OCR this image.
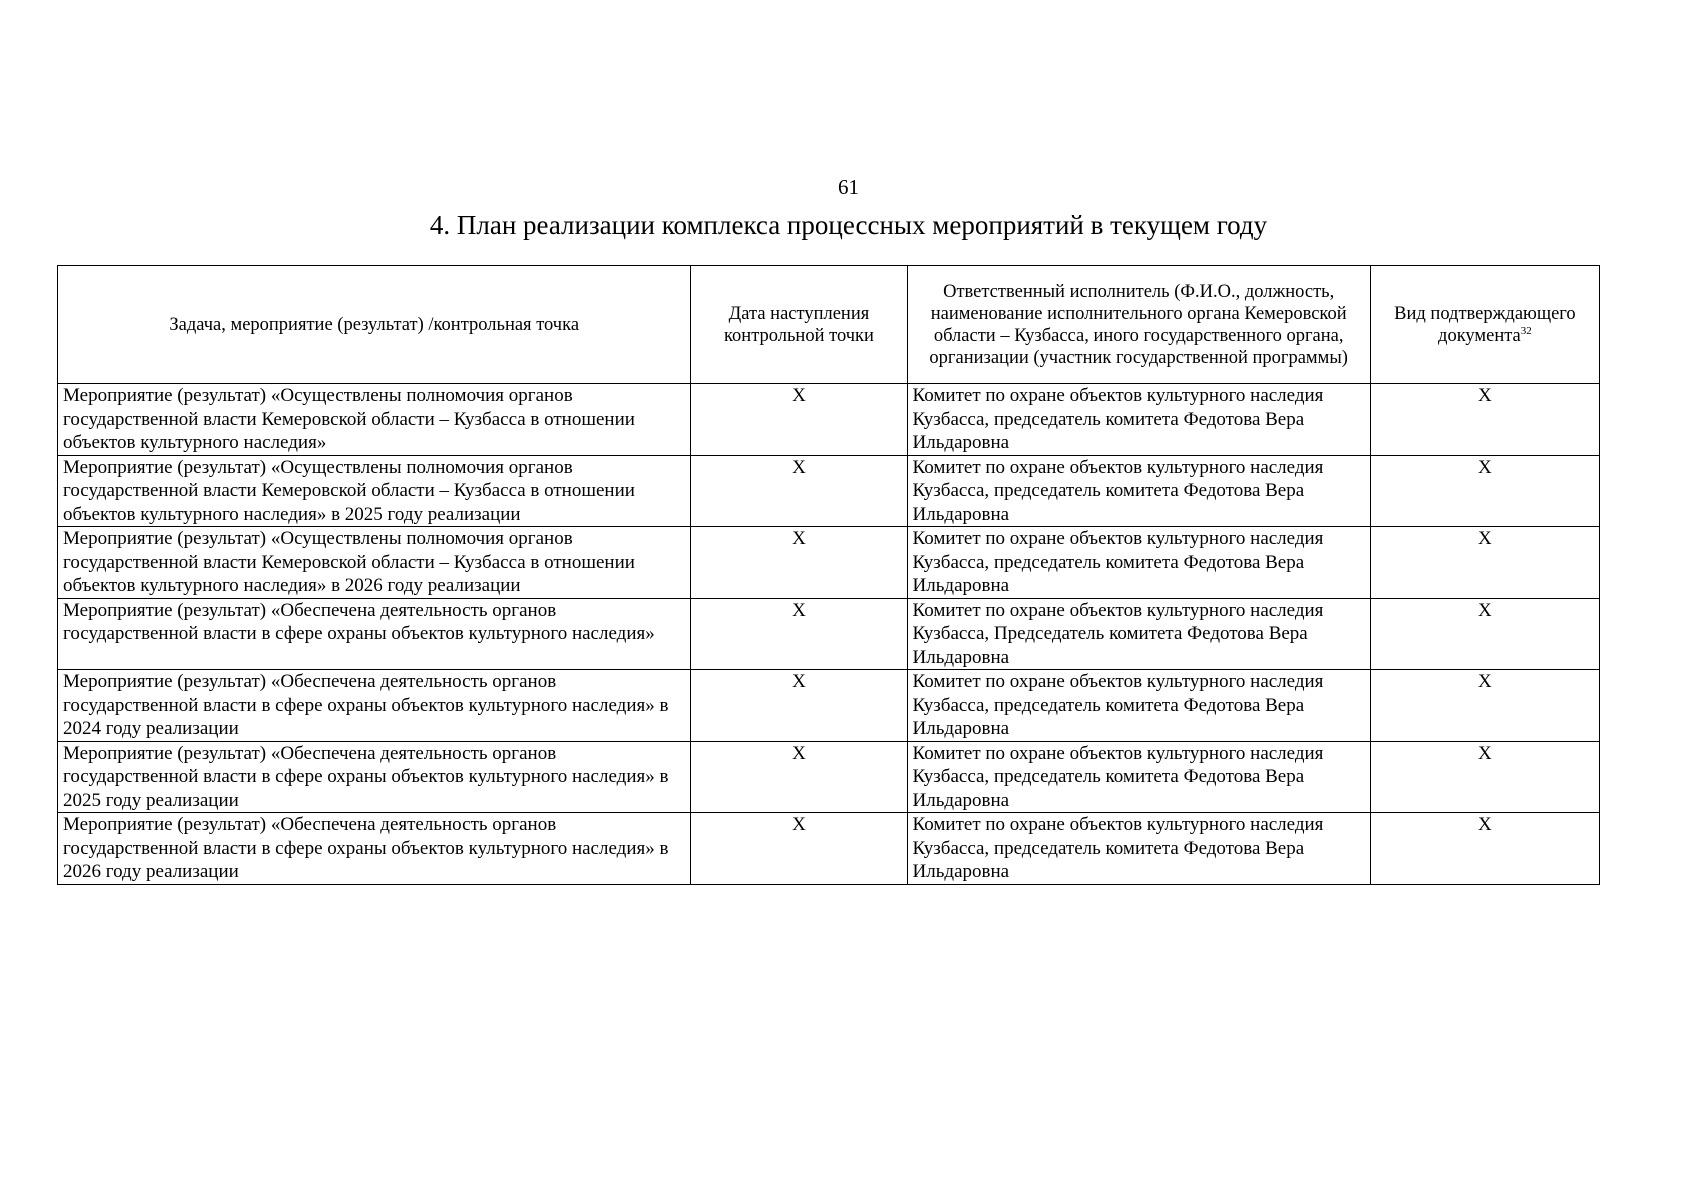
61
4. План реализации комплекса процессных мероприятий в текущем году
Задача, мероприятие (результат) /контрольная точка	Дата наступления контрольной точки	Ответственный исполнитель (Ф.И.О., должность, наименование исполнительного органа Кемеровской области – Кузбасса, иного государственного органа, организации (участник государственной программы)	Вид подтверждающего документа$^{32}$
Мероприятие (результат) «Осуществлены полномочия органов государственной власти Кемеровской области – Кузбасса в отношении объектов культурного наследия»	X	Комитет по охране объектов культурного наследия Кузбасса, председатель комитета Федотова Вера Ильдаровна	X
Мероприятие (результат) «Осуществлены полномочия органов государственной власти Кемеровской области – Кузбасса в отношении объектов культурного наследия» в 2025 году реализации	X	Комитет по охране объектов культурного наследия Кузбасса, председатель комитета Федотова Вера Ильдаровна	X
Мероприятие (результат) «Осуществлены полномочия органов государственной власти Кемеровской области – Кузбасса в отношении объектов культурного наследия» в 2026 году реализации	X	Комитет по охране объектов культурного наследия Кузбасса, председатель комитета Федотова Вера Ильдаровна	X
Мероприятие (результат) «Обеспечена деятельность органов государственной власти в сфере охраны объектов культурного наследия»	X	Комитет по охране объектов культурного наследия Кузбасса, Председатель комитета Федотова Вера Ильдаровна	X
Мероприятие (результат) «Обеспечена деятельность органов государственной власти в сфере охраны объектов культурного наследия» в 2024 году реализации	X	Комитет по охране объектов культурного наследия Кузбасса, председатель комитета Федотова Вера Ильдаровна	X
Мероприятие (результат) «Обеспечена деятельность органов государственной власти в сфере охраны объектов культурного наследия» в 2025 году реализации	X	Комитет по охране объектов культурного наследия Кузбасса, председатель комитета Федотова Вера Ильдаровна	X
Мероприятие (результат) «Обеспечена деятельность органов государственной власти в сфере охраны объектов культурного наследия» в 2026 году реализации	X	Комитет по охране объектов культурного наследия Кузбасса, председатель комитета Федотова Вера Ильдаровна	X
